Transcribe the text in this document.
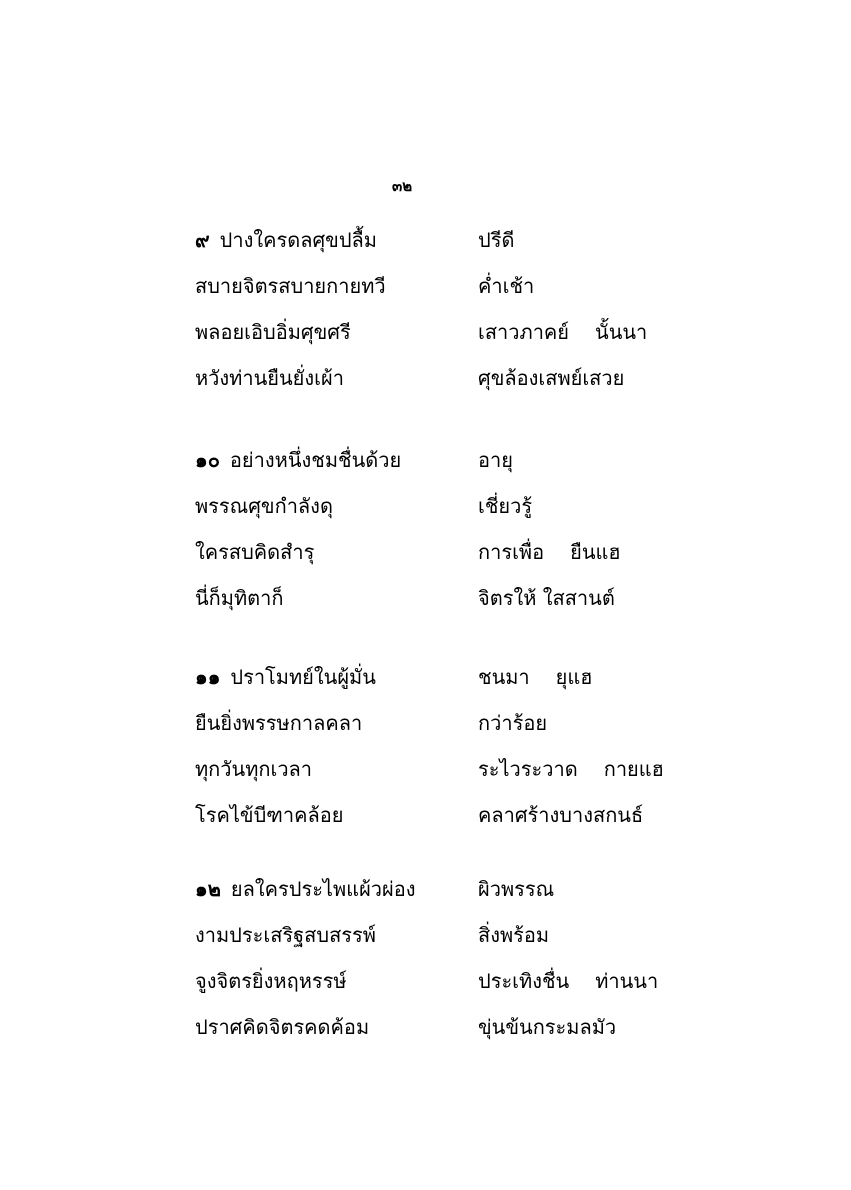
๓๒
๙ ปางใครดลศุขปลื้ม	ปรีดี
สบายจิตรสบายกายทวี	ค่ำเช้า
พลอยเอิบอิ่มศุขศรี	เสาวภาคย์ นั้นนา
หวังท่านยืนยั่งเผ้า	ศุขล้องเสพย์เสวย
๑๐ อย่างหนึ่งชมชื่นด้วย	อายุ
พรรณศุขกำลังดุ	เชี่ยวรู้
ใครสบคิดสำรุ	การเพื่อ ยืนแฮ
นี่ก็มุทิตาก็	จิตรให้ ใสสานต์
๑๑ ปราโมทย์ในผู้มั่น	ชนมา ยุแฮ
ยืนยิ่งพรรษกาลคลา	กว่าร้อย
ทุกวันทุกเวลา	ระไวระวาด กายแฮ
โรคไข้บีฑาคล้อย	คลาศร้างบางสกนธ์
๑๒ ยลใครประไพแผ้วผ่อง	ผิวพรรณ
งามประเสริฐสบสรรพ์	สิ่งพร้อม
จูงจิตรยิ่งหฤหรรษ์	ประเทิงชื่น ท่านนา
ปราศคิดจิตรคดค้อม	ขุ่นข้นกระมลมัว
